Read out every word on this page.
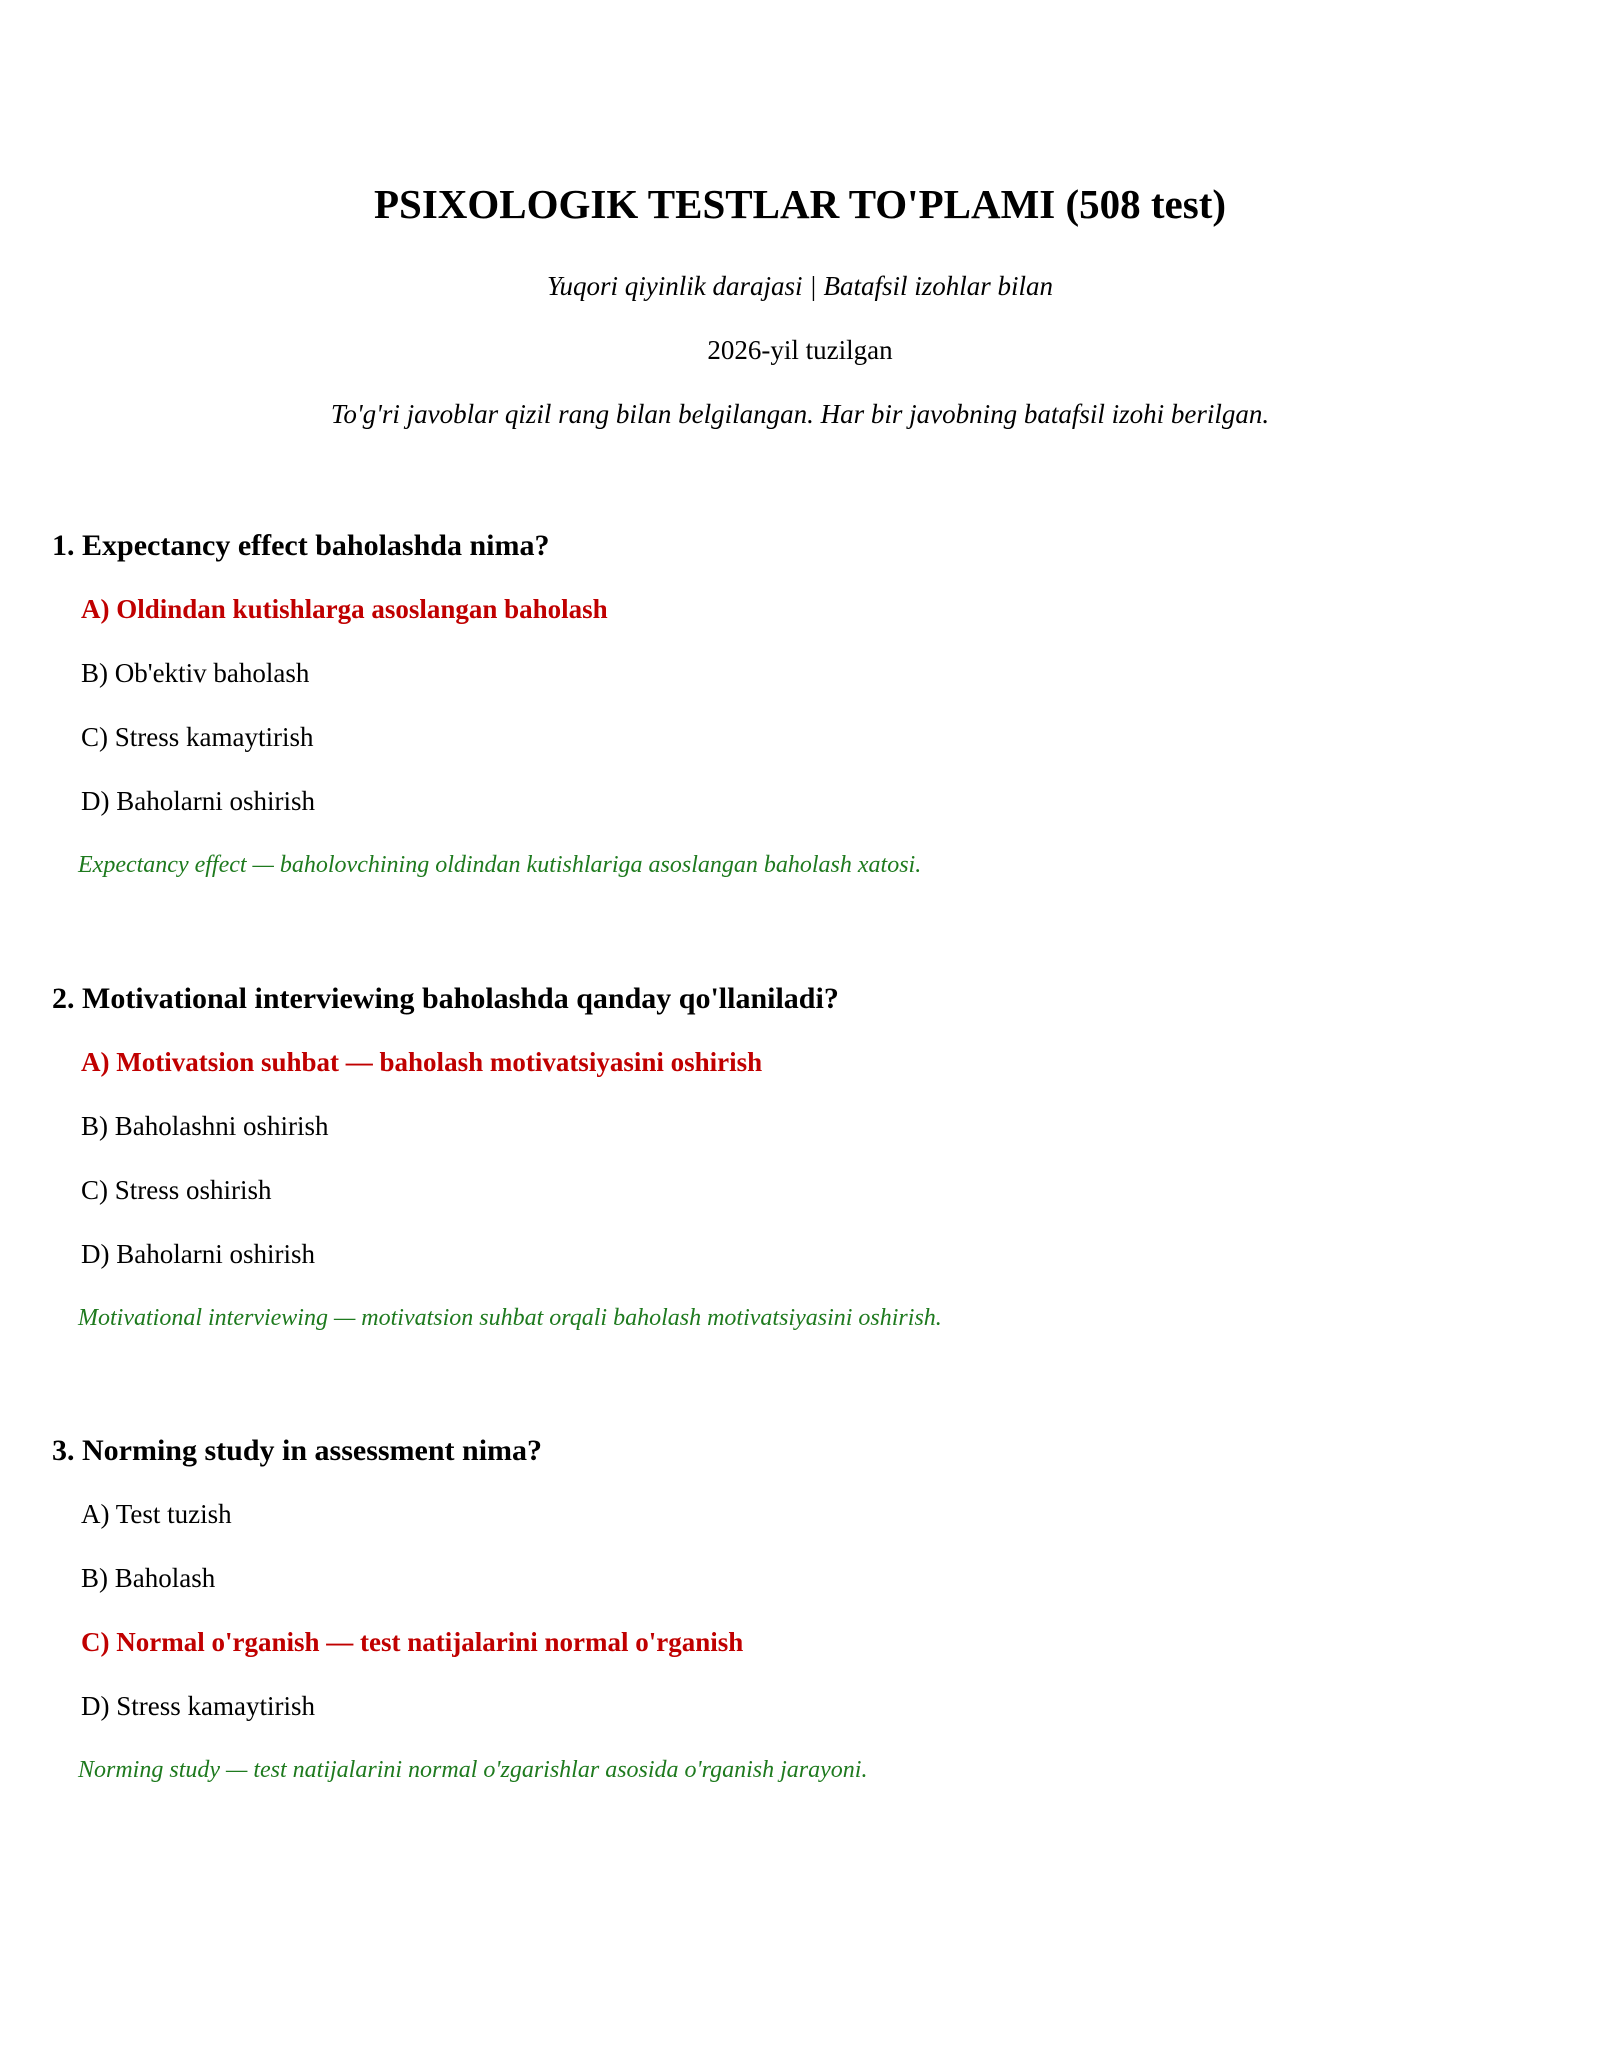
PSIXOLOGIK TESTLAR TO'PLAMI (508 test)
Yuqori qiyinlik darajasi | Batafsil izohlar bilan
2026-yil tuzilgan
To'g'ri javoblar qizil rang bilan belgilangan. Har bir javobning batafsil izohi berilgan.
1. Expectancy effect baholashda nima?
A) Oldindan kutishlarga asoslangan baholash
B) Ob'ektiv baholash
C) Stress kamaytirish
D) Baholarni oshirish
Expectancy effect — baholovchining oldindan kutishlariga asoslangan baholash xatosi.
2. Motivational interviewing baholashda qanday qo'llaniladi?
A) Motivatsion suhbat — baholash motivatsiyasini oshirish
B) Baholashni oshirish
C) Stress oshirish
D) Baholarni oshirish
Motivational interviewing — motivatsion suhbat orqali baholash motivatsiyasini oshirish.
3. Norming study in assessment nima?
A) Test tuzish
B) Baholash
C) Normal o'rganish — test natijalarini normal o'rganish
D) Stress kamaytirish
Norming study — test natijalarini normal o'zgarishlar asosida o'rganish jarayoni.
